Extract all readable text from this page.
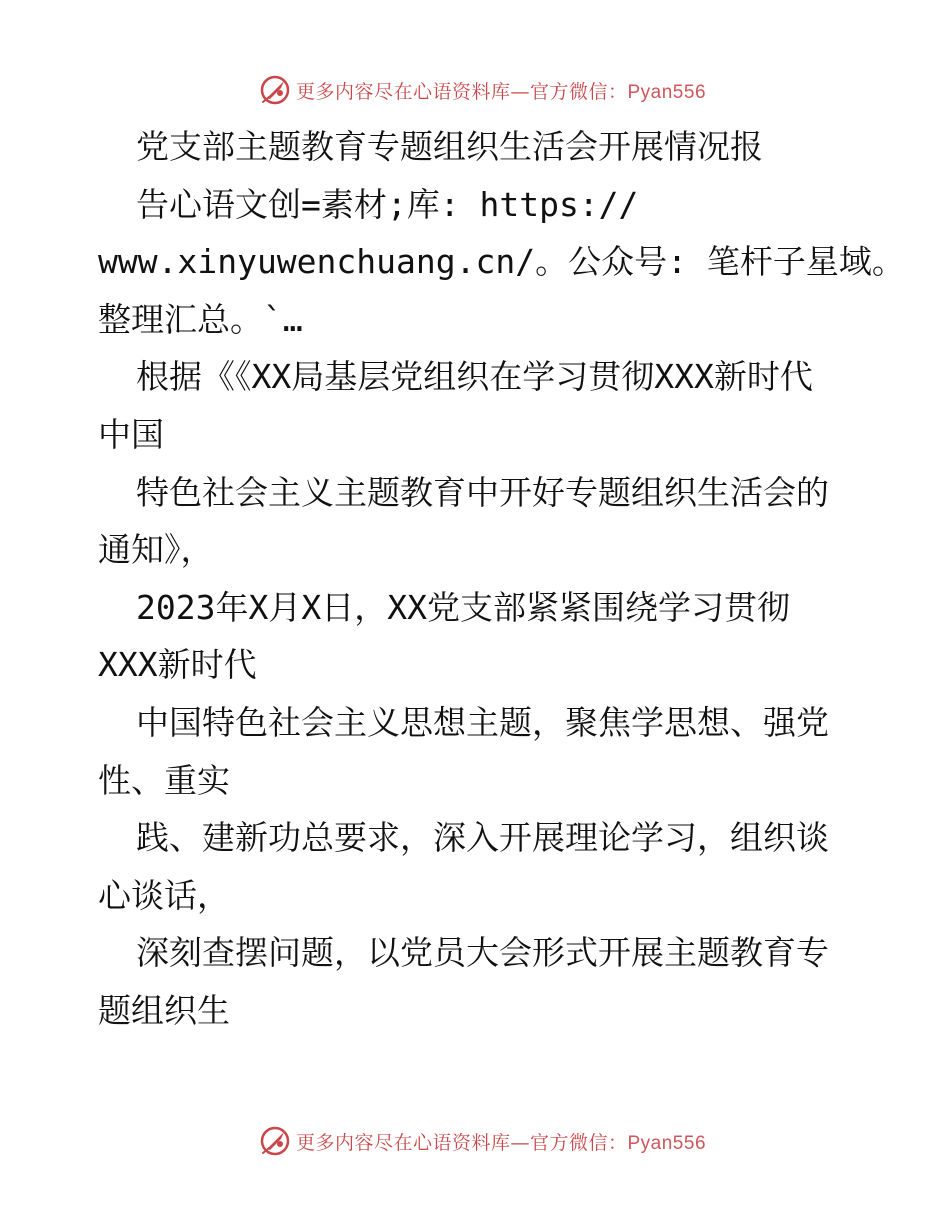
更多内容尽在心语资料库—官方微信：Pyan556
党支部主题教育专题组织生活会开展情况报
告心语文创=素材;库: https://
www.xinyuwenchuang.cn/。公众号: 笔杆子星域。
整理汇总。`…
根据《《XX局基层党组织在学习贯彻XXX新时代
中国
特色社会主义主题教育中开好专题组织生活会的
通知》，
2023年X月X日，XX党支部紧紧围绕学习贯彻
XXX新时代
中国特色社会主义思想主题，聚焦学思想、强党
性、重实
践、建新功总要求，深入开展理论学习，组织谈
心谈话，
深刻查摆问题，以党员大会形式开展主题教育专
题组织生
更多内容尽在心语资料库—官方微信：Pyan556
